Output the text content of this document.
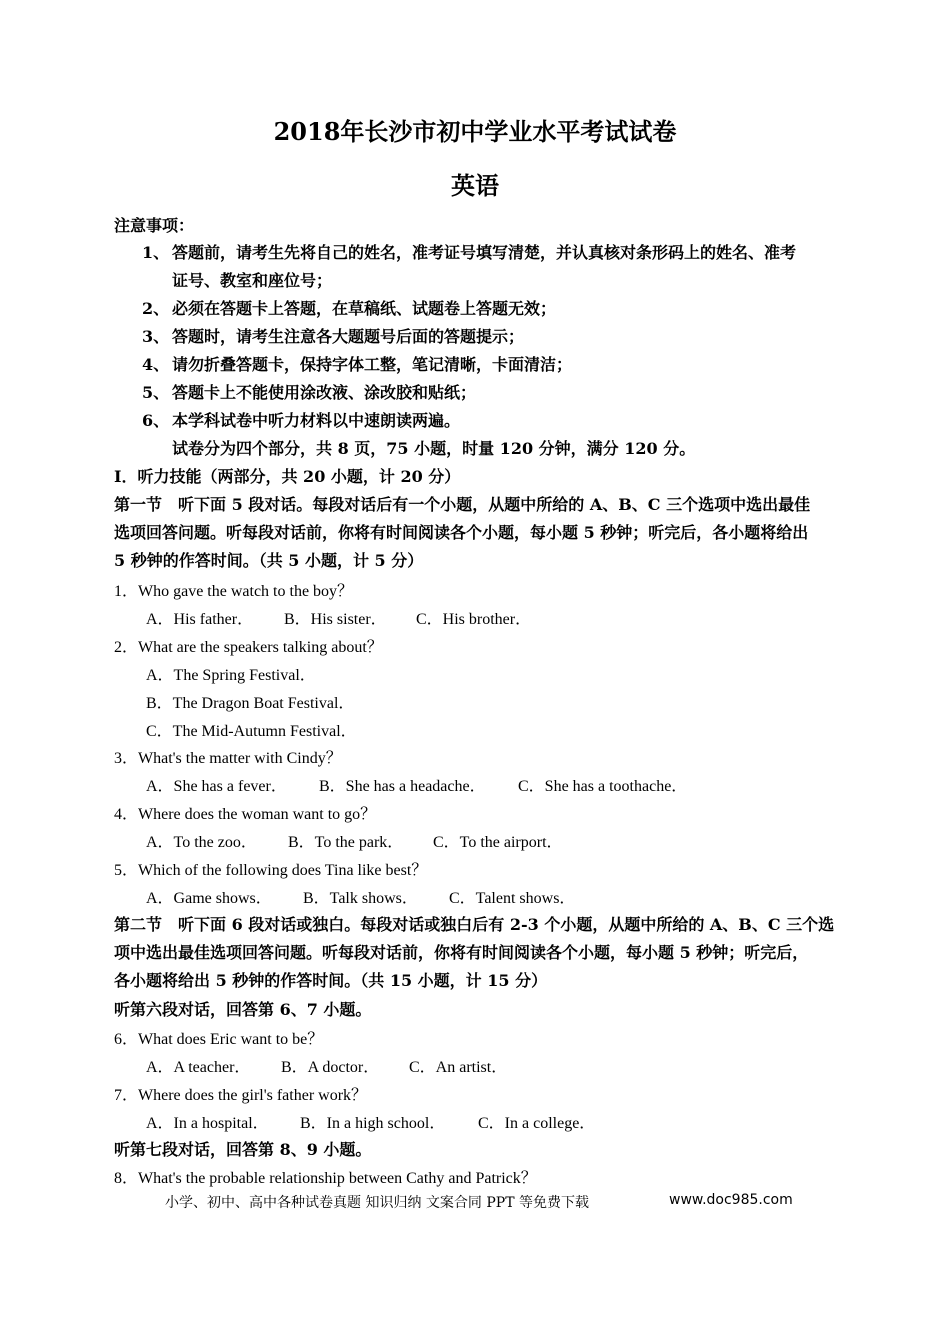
2018年长沙市初中学业水平考试试卷
英语
注意事项：
1、 答题前，请考生先将自己的姓名，准考证号填写清楚，并认真核对条形码上的姓名、准考
证号、教室和座位号；
2、 必须在答题卡上答题，在草稿纸、试题卷上答题无效；
3、 答题时，请考生注意各大题题号后面的答题提示；
4、 请勿折叠答题卡，保持字体工整，笔记清晰，卡面清洁；
5、 答题卡上不能使用涂改液、涂改胶和贴纸；
6、 本学科试卷中听力材料以中速朗读两遍。
试卷分为四个部分，共 8 页，75 小题，时量 120 分钟，满分 120 分。
Ⅰ．听力技能（两部分，共 20 小题，计 20 分）
第一节　听下面 5 段对话。每段对话后有一个小题，从题中所给的 A、B、C 三个选项中选出最佳
选项回答问题。听每段对话前，你将有时间阅读各个小题，每小题 5 秒钟；听完后，各小题将给出
5 秒钟的作答时间。（共 5 小题，计 5 分）
1．Who gave the watch to the boy？
A．His father． B．His sister． C．His brother．
2．What are the speakers talking about？
A．The Spring Festival．
B．The Dragon Boat Festival．
C．The Mid-Autumn Festival．
3．What's the matter with Cindy？
A．She has a fever． B．She has a headache． C．She has a toothache．
4．Where does the woman want to go？
A．To the zoo． B．To the park． C．To the airport．
5．Which of the following does Tina like best？
A．Game shows． B．Talk shows． C．Talent shows．
第二节　听下面 6 段对话或独白。每段对话或独白后有 2-3 个小题，从题中所给的 A、B、C 三个选
项中选出最佳选项回答问题。听每段对话前，你将有时间阅读各个小题，每小题 5 秒钟；听完后，
各小题将给出 5 秒钟的作答时间。（共 15 小题，计 15 分）
听第六段对话，回答第 6、7 小题。
6．What does Eric want to be？
A．A teacher． B．A doctor． C．An artist．
7．Where does the girl's father work？
A．In a hospital． B．In a high school． C．In a college．
听第七段对话，回答第 8、9 小题。
8．What's the probable relationship between Cathy and Patrick？
小学、初中、高中各种试卷真题 知识归纳 文案合同 PPT 等免费下载	www.doc985.com
